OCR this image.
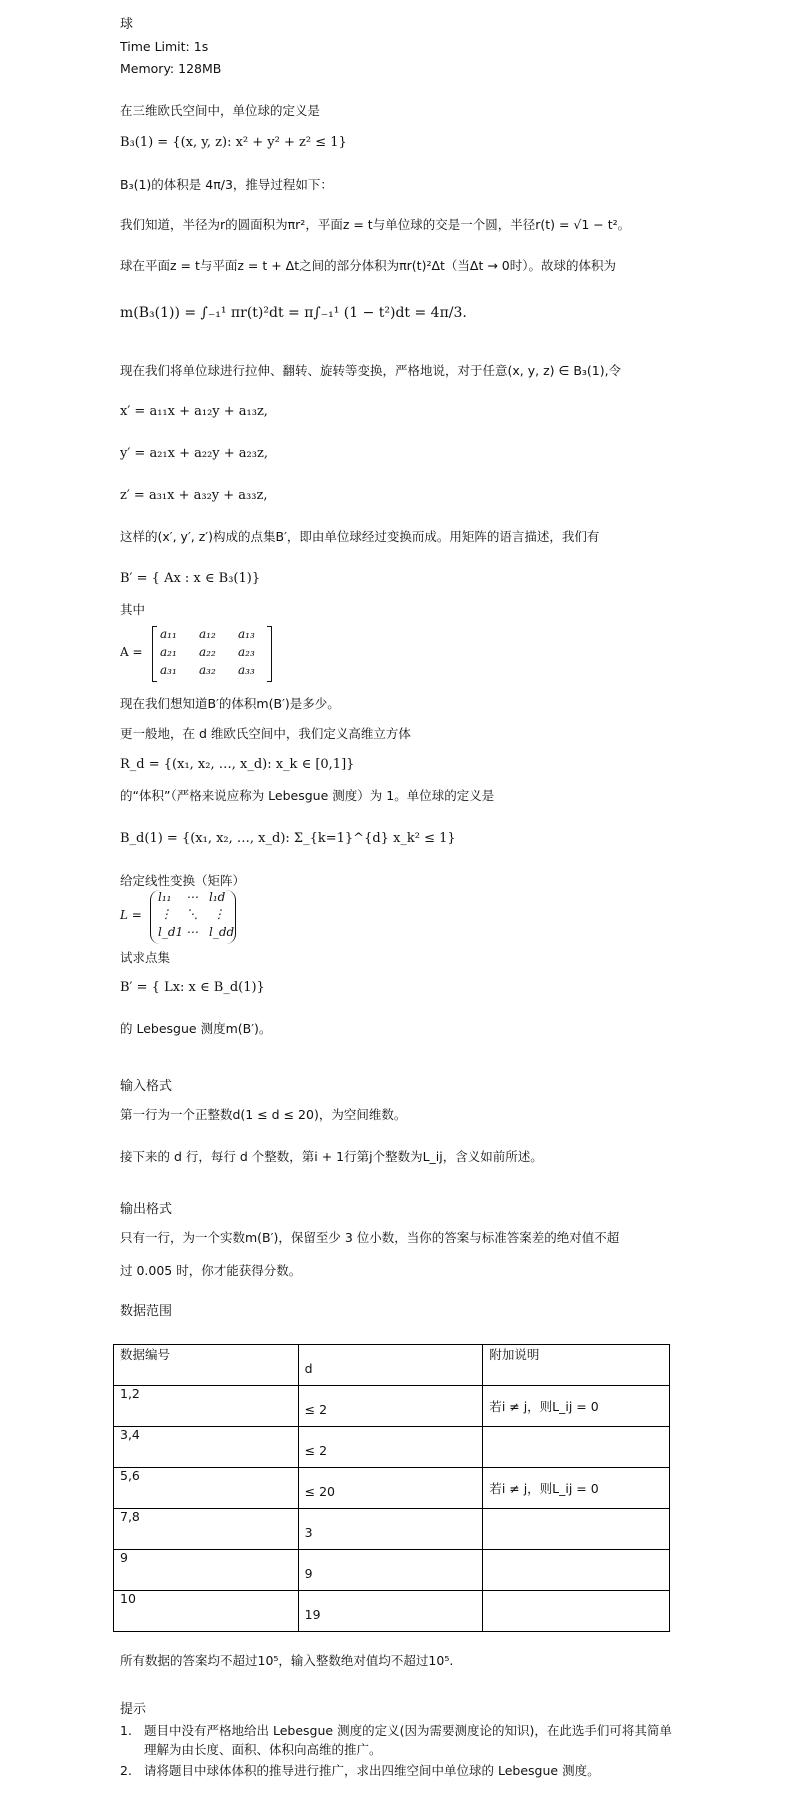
球
Time Limit: 1s
Memory: 128MB
在三维欧氏空间中，单位球的定义是
B₃(1) = {(x, y, z): x² + y² + z² ≤ 1}
B₃(1)的体积是 4π/3，推导过程如下：
我们知道，半径为r的圆面积为πr²，平面z = t与单位球的交是一个圆，半径r(t) = √1 − t²。
球在平面z = t与平面z = t + Δt之间的部分体积为πr(t)²Δt（当Δt → 0时）。故球的体积为
m(B₃(1)) = ∫₋₁¹ πr(t)²dt = π∫₋₁¹ (1 − t²)dt = 4π/3.
现在我们将单位球进行拉伸、翻转、旋转等变换，严格地说，对于任意(x, y, z) ∈ B₃(1),令
x′ = a₁₁x + a₁₂y + a₁₃z,
y′ = a₂₁x + a₂₂y + a₂₃z,
z′ = a₃₁x + a₃₂y + a₃₃z,
这样的(x′, y′, z′)构成的点集B′，即由单位球经过变换而成。用矩阵的语言描述，我们有
B′ = { Ax : x ∈ B₃(1)}
其中
A =
a₁₁ a₁₂ a₁₃
a₂₁ a₂₂ a₂₃
a₃₁ a₃₂ a₃₃
现在我们想知道B′的体积m(B′)是多少。
更一般地，在 d 维欧氏空间中，我们定义高维立方体
R_d = {(x₁, x₂, …, x_d): x_k ∈ [0,1]}
的“体积”（严格来说应称为 Lebesgue 测度）为 1。单位球的定义是
B_d(1) = {(x₁, x₂, …, x_d): Σ_{k=1}^{d} x_k² ≤ 1}
给定线性变换（矩阵）
L =
l₁₁ ⋯ l₁d
⋮ ⋱ ⋮
l_d1 ⋯ l_dd
试求点集
B′ = { Lx: x ∈ B_d(1)}
的 Lebesgue 测度m(B′)。
输入格式
第一行为一个正整数d(1 ≤ d ≤ 20)，为空间维数。
接下来的 d 行，每行 d 个整数，第i + 1行第j个整数为L_ij，含义如前所述。
输出格式
只有一行，为一个实数m(B′)，保留至少 3 位小数，当你的答案与标准答案差的绝对值不超
过 0.005 时，你才能获得分数。
数据范围
数据编号	d	附加说明
1,2	≤ 2	若i ≠ j，则L_ij = 0
3,4	≤ 2	
5,6	≤ 20	若i ≠ j，则L_ij = 0
7,8	3	
9	9	
10	19	
所有数据的答案均不超过10⁵，输入整数绝对值均不超过10⁵.
提示
1. 题目中没有严格地给出 Lebesgue 测度的定义(因为需要测度论的知识)，在此选手们可将其简单理解为由长度、面积、体积向高维的推广。
2. 请将题目中球体体积的推导进行推广，求出四维空间中单位球的 Lebesgue 测度。
